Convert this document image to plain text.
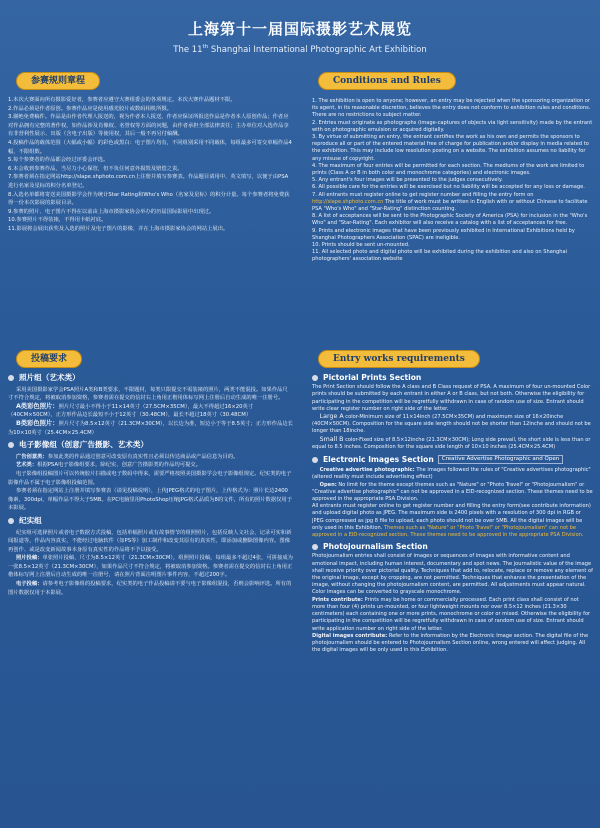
上海第十一届国际摄影艺术展览
The 11th Shanghai International Photographic Art Exhibition
参赛规则章程

1.本次大赛面向所有摄影爱好者，参赛者应遵守大赛组委会的各项规定。本次大赛作品题材不限。

2.作品必须是作者原创。参赛作品应是使用感光胶片或数码相机所摄。

3.谢绝免费稿件。作品是由作者代理人报送的，视为作者本人报送，作者应保证所报送作品是作者本人原创作品；作者应对作品拥有完整的著作权，如作品涉及肖像权、名誉权等方面的问题，由作者承担全部法律责任；主办单位对入选作品享有非营利性展示、出版（含电子出版）等使用权，其后一般不再另付稿酬。

4.投稿作品的载体范围（大幅或小幅）的彩色或黑白：电子图片均有，不同组别采用不同载体，每组最多可寄交单幅作品4幅，不限组数。

5.每个参赛者的作品都会经过评委会评选。

6.本会收到参赛作品，当尽力小心保管，但不负任何意外损毁及赔偿之责。

7.参赛者须在指定网站http://slape.shphoto.com.cn上注册并填写参赛表。作品题目请用中、英文填写，以便于由PSA进行名家及星标的积分名单登记。

8.入选名单都将寄送美国摄影学会作为统计Star Rating和Who's Who（名家及星标）的积分计量。每个参赛者将免费获得一份本次影展的影展目录。

9.参赛的照片、电子图片不得在以前由上海市摄影家协会举办的历届国际影展中出现过。

10.参赛照片不得装裱，不得用卡纸衬底。

11.影展将会展出获奖及入选的照片及电子图片的影像，并在上海市摄影家协会的网站上展出。

投稿要求
照片组（艺术类）

采用美国摄影家学会PSA照片A类和B类要求，不限题材，每类只限提交不需装裱的照片，两类不能混投。如果作品尺寸不符合规定，将被取消参加资格，参赛者需在提交的信封右上角用正楷用体标写网上注册后自动生成的唯一注册号。

A类彩色照片：照片尺寸最小不得小于11×14英寸（27.5CM×35CM），最大不得超过16×20英寸（40CM×50CM），正方形作品边长最短不小于12英寸（30.48CM），最长不超过18英寸（30.48CM）

B类彩色照片：照片尺寸为8.5×12英寸（21.3CM×30CM），以长边为准，短边小于等于8.5英寸；正方形作品边长为10×10英寸（25.4CM×25.4CM）

电子影像组（创意广告摄影、艺术类）

广告创意类：参加此类的作品通过创意可改变原有真实性且必须以传达商品或产品信息为目的。

艺术类：根据PSA电子影像组要求，除纪实、创意广告摄影类的作品均可提交。

电子影像组投稿图片可以传统胶片扫描或电子数码中得来，需要严格按照美国摄影学会电子影像组规定。纪实类的电子影像作品不属于电子影像组投稿范围。

参赛者须在指定网站上注册并填写参赛表（请见投稿说明），上传JPEG格式的电子图片，上传格式为：照片长边2400像素，300dpi，单幅作品不得大于5MB。在PC电脑里用PhotoShop压缩JPG格式品质为8的文件，所有的照片数据仅用于本影展。

纪实组

纪实组可选择照片或者电子数据方式投稿，包括单幅照片或有故事情节的组照照片，包括反映人文社会、记录可实和新闻报道等，作品内容真实，不能经过电脑软件（如PS等）加工制作和改变其原有的真实性，即添加或删除图像内容。图像再创作、或是改变新闻故事本身原有真实性的作品将不予以接受。

照片投稿：单张照片投稿，尺寸为8.5×12英寸（21.3CM×30CM），组照照片投稿，每组最多不超过4张，可拼接成为一张8.5×12英寸（21.3CM×30CM），如果作品尺寸不符合规定，将被取消参加资格。参赛者需在提交的信封右上角用正楷体标写网上注册后自动生成的唯一注册号，请在照片背面注明图片事件内容，不超过200字。

电子投稿：请参考电子影像组的投稿要求，纪实类的电子作品投稿请不要与电子影像组混投，否则会影响评选。所有的图片数据仅用于本影展。

Conditions and Rules

1. The exhibition is open to anyone; however, an entry may be rejected when the sponsoring organization or its agent, in its reasonable discretion, believes the entry does not conform to exhibition rules and conditions. There are no restrictions to subject matter.

2. Entries must originate as photographs (image-captures of objects via light sensitivity) made by the entrant with on photographic emulsion or acquired digitally.

3. By virtue of submitting an entry, the entrant certifies the work as his own and permits the sponsors to reproduce all or part of the entered material free of charge for publication and/or display in media related to the exhibition. This may include low resolution posting on a website. The exhibition assumes no liability for any misuse of copyright.

4. The maximum of four entries will be permitted for each section. The mediums of the work are limited to prints (Class A or B in both color and monochrome categories) and electronic images.

5. Any entrant's four images will be presented to the judges consecutively.

6. All possible care for the entries will be exercised but no liability will be accepted for any loss or damage.

7. All entrants must register online to get register number and filling the entry form on http://slape.shphoto.com.cn The title of work must be written in English with or without Chinese to facilitate PSA "Who's Who" and "Star-Rating" distinction counting.

8. A list of acceptances will be sent to the Photographic Society of America (PSA) for inclusion in the "Who's Who" and "Star-Rating". Each exhibitor will also receive a catalog with a list of acceptances for free.

9. Prints and electronic images that have been previously exhibited in International Exhibitions held by Shanghai Photographers Association (SPAC) are ineligible.

10. Prints should be sent un-mounted.

11. All selected photo and digital photo will be exhibited during the exhibition and also on Shanghai photographers' association website

Entry works requirements
Pictorial Prints Section

The Print Section should follow the A class and B Class request of PSA. A maximum of four un-mounted Color prints should be submitted by each entrant in either A or B class, but not both. Otherwise the eligibility for participating in the competition will be regretfully withdrawn in case of random use of size. Entrant should write clear register number on right side of the letter.

Large A color-Minimum size of 11×14inch (27.5CM×35CM) and maximum size of 16×20inche (40CM×50CM). Composition for the square side length should not be shorter than 12inche and should not be longer than 18inche.

Small B color-Fixed size of 8.5×12inche (21.3CM×30CM); Long side prevail, the short side is less than or equal to 8.5 inches. Composition for the square side length of 10×10 inches (25.4CM×25.4CM)

Electronic Images Section	Creative Advertise Photographic and Open

Creative advertise photographic: The images followed the rules of "Creative advertises photographic" (altered reality must include advertising effect)

Open: No limit for the theme except themes such as "Nature" or "Photo Travel" or "Photojournalism" or "Creative advertise photographic" can not be approved in a EID-recognized section. These themes need to be approved in the appropriate PSA Division.

All entrants must register online to get register number and filling the entry form(see contribute information) and upload digital photo as JPEG. The maximum side is 2400 pixels with a resolution of 300 dpi in RGB or JPEG compressed as jpg 8 file to upload, each photo should not be over 5MB. All the digital images will be only used in this Exhibition. Themes such as "Nature" or "Photo Travel" or "Photojournalism" can not be approved in a EID-recognized section. These themes need to be approved in the appropriate PSA Division.

Photojournalism Section

Photojournalism entries shall consist of images or sequences of images with informative content and emotional impact, including human interest, documentary and spot news. The journalistic value of the image shall receive priority over pictorial quality. Techniques that add to, relocate, replace or remove any element of the original image, except by cropping, are not permitted. Techniques that enhance the presentation of the image, without changing the photojournalism content, are permitted. All adjustments must appear natural. Color images can be converted to grayscale monochrome.

Prints contribute: Prints may be home or commercially processed. Each print class shall consist of not more than four (4) prints un-mounted, or four lightweight mounts nor over 8.5×12 inches (21.3×30 centimeters) each containing one or more prints, monochrome or color or mixed. Otherwise the eligibility for participating in the competition will be regretfully withdrawn in case of random use of size. Entrant should write application number on right side of the letter.

Digital images contribute: Refer to the information by the Electronic Image section. The digital file of the photojournalism should be entered to Photojournalism Section online, wrong entered will affect judging. All the digital images will be only used in this Exhibition.
